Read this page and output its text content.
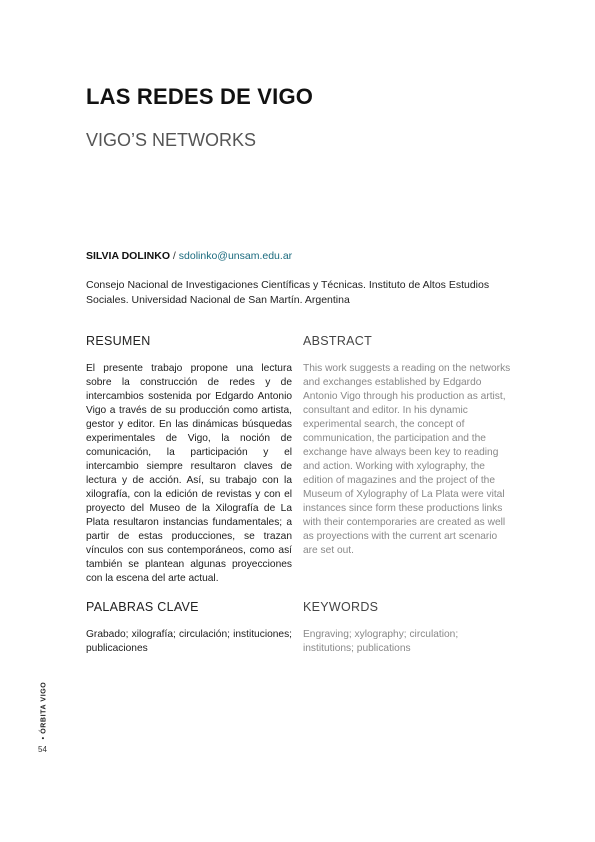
LAS REDES DE VIGO
VIGO’S NETWORKS
SILVIA DOLINKO / sdolinko@unsam.edu.ar
Consejo Nacional de Investigaciones Científicas y Técnicas. Instituto de Altos Estudios Sociales. Universidad Nacional de San Martín. Argentina
RESUMEN	ABSTRACT

El presente trabajo propone una lectura sobre la construcción de redes y de intercambios sostenida por Edgardo Antonio Vigo a través de su producción como artista, gestor y editor. En las dinámicas búsquedas experimentales de Vigo, la noción de comunicación, la participación y el intercambio siempre resultaron claves de lectura y de acción. Así, su trabajo con la xilografía, con la edición de revistas y con el proyecto del Museo de la Xilografía de La Plata resultaron instancias fundamentales; a partir de estas producciones, se trazan vínculos con sus contemporáneos, como así también se plantean algunas proyecciones con la escena del arte actual.

This work suggests a reading on the networks and exchanges established by Edgardo Antonio Vigo through his production as artist, consultant and editor. In his dynamic experimental search, the concept of communication, the participation and the exchange have always been key to reading and action. Working with xylography, the edition of magazines and the project of the Museum of Xylography of La Plata were vital instances since form these productions links with their contemporaries are created as well as proyections with the current art scenario are set out.

PALABRAS CLAVE	KEYWORDS

Grabado; xilografía; circulación; instituciones; publicaciones

Engraving; xylography; circulation; institutions; publications

• ÓRBITA VIGO
54
